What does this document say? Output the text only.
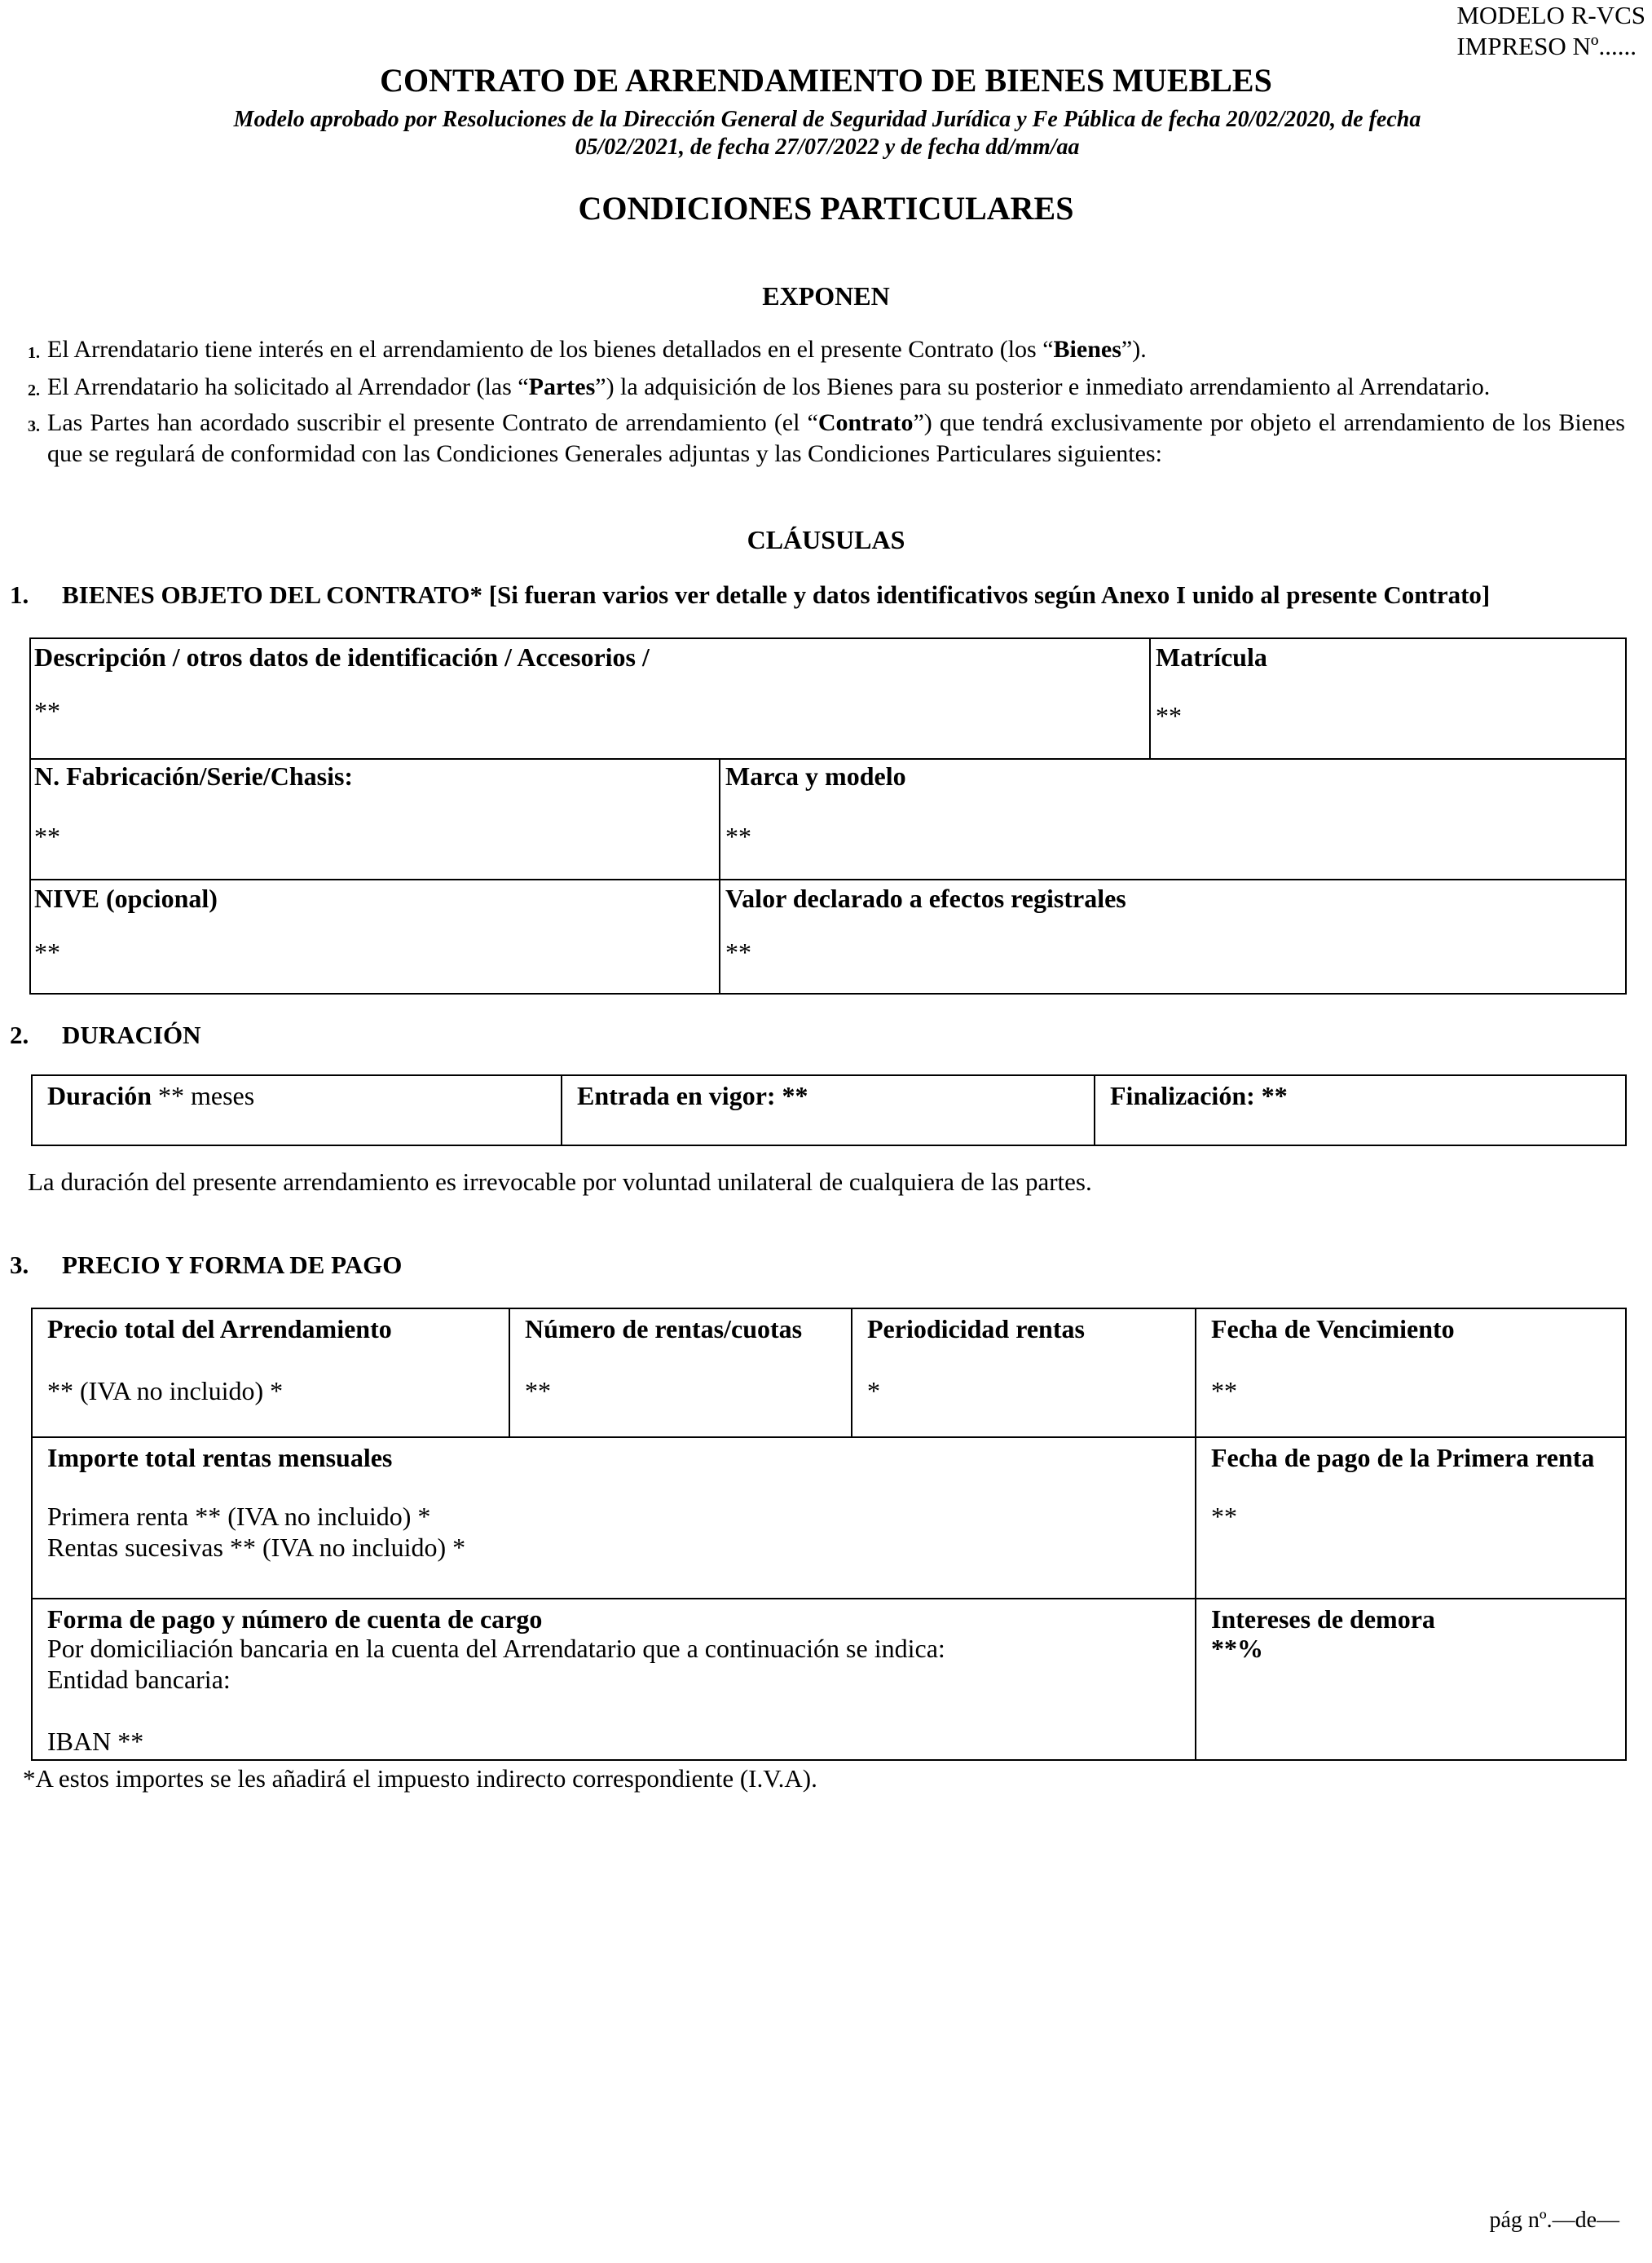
MODELO R-VCS
IMPRESO Nº......
CONTRATO DE ARRENDAMIENTO DE BIENES MUEBLES
Modelo aprobado por Resoluciones de la Dirección General de Seguridad Jurídica y Fe Pública de fecha 20/02/2020, de fecha 05/02/2021, de fecha 27/07/2022 y de fecha dd/mm/aa
CONDICIONES PARTICULARES
EXPONEN
1. El Arrendatario tiene interés en el arrendamiento de los bienes detallados en el presente Contrato (los “Bienes”).
2. El Arrendatario ha solicitado al Arrendador (las “Partes”) la adquisición de los Bienes para su posterior e inmediato arrendamiento al Arrendatario.
3. Las Partes han acordado suscribir el presente Contrato de arrendamiento (el “Contrato”) que tendrá exclusivamente por objeto el arrendamiento de los Bienes que se regulará de conformidad con las Condiciones Generales adjuntas y las Condiciones Particulares siguientes:
CLÁUSULAS
1. BIENES OBJETO DEL CONTRATO* [Si fueran varios ver detalle y datos identificativos según Anexo I unido al presente Contrato]
Descripción / otros datos de identificación / Accesorios /
**
Matrícula
**
N. Fabricación/Serie/Chasis:
**
Marca y modelo
**
NIVE (opcional)
**
Valor declarado a efectos registrales
**
2. DURACIÓN
Duración ** meses	Entrada en vigor: **	Finalización: **
La duración del presente arrendamiento es irrevocable por voluntad unilateral de cualquiera de las partes.
3. PRECIO Y FORMA DE PAGO
Precio total del Arrendamiento
** (IVA no incluido) *
Número de rentas/cuotas
**
Periodicidad rentas
*
Fecha de Vencimiento
**
Importe total rentas mensuales
Primera renta ** (IVA no incluido) *
Rentas sucesivas ** (IVA no incluido) *
Fecha de pago de la Primera renta
**
Forma de pago y número de cuenta de cargo
Por domiciliación bancaria en la cuenta del Arrendatario que a continuación se indica:
Entidad bancaria:
IBAN **
Intereses de demora
**%
*A estos importes se les añadirá el impuesto indirecto correspondiente (I.V.A).
pág nº.—de—
